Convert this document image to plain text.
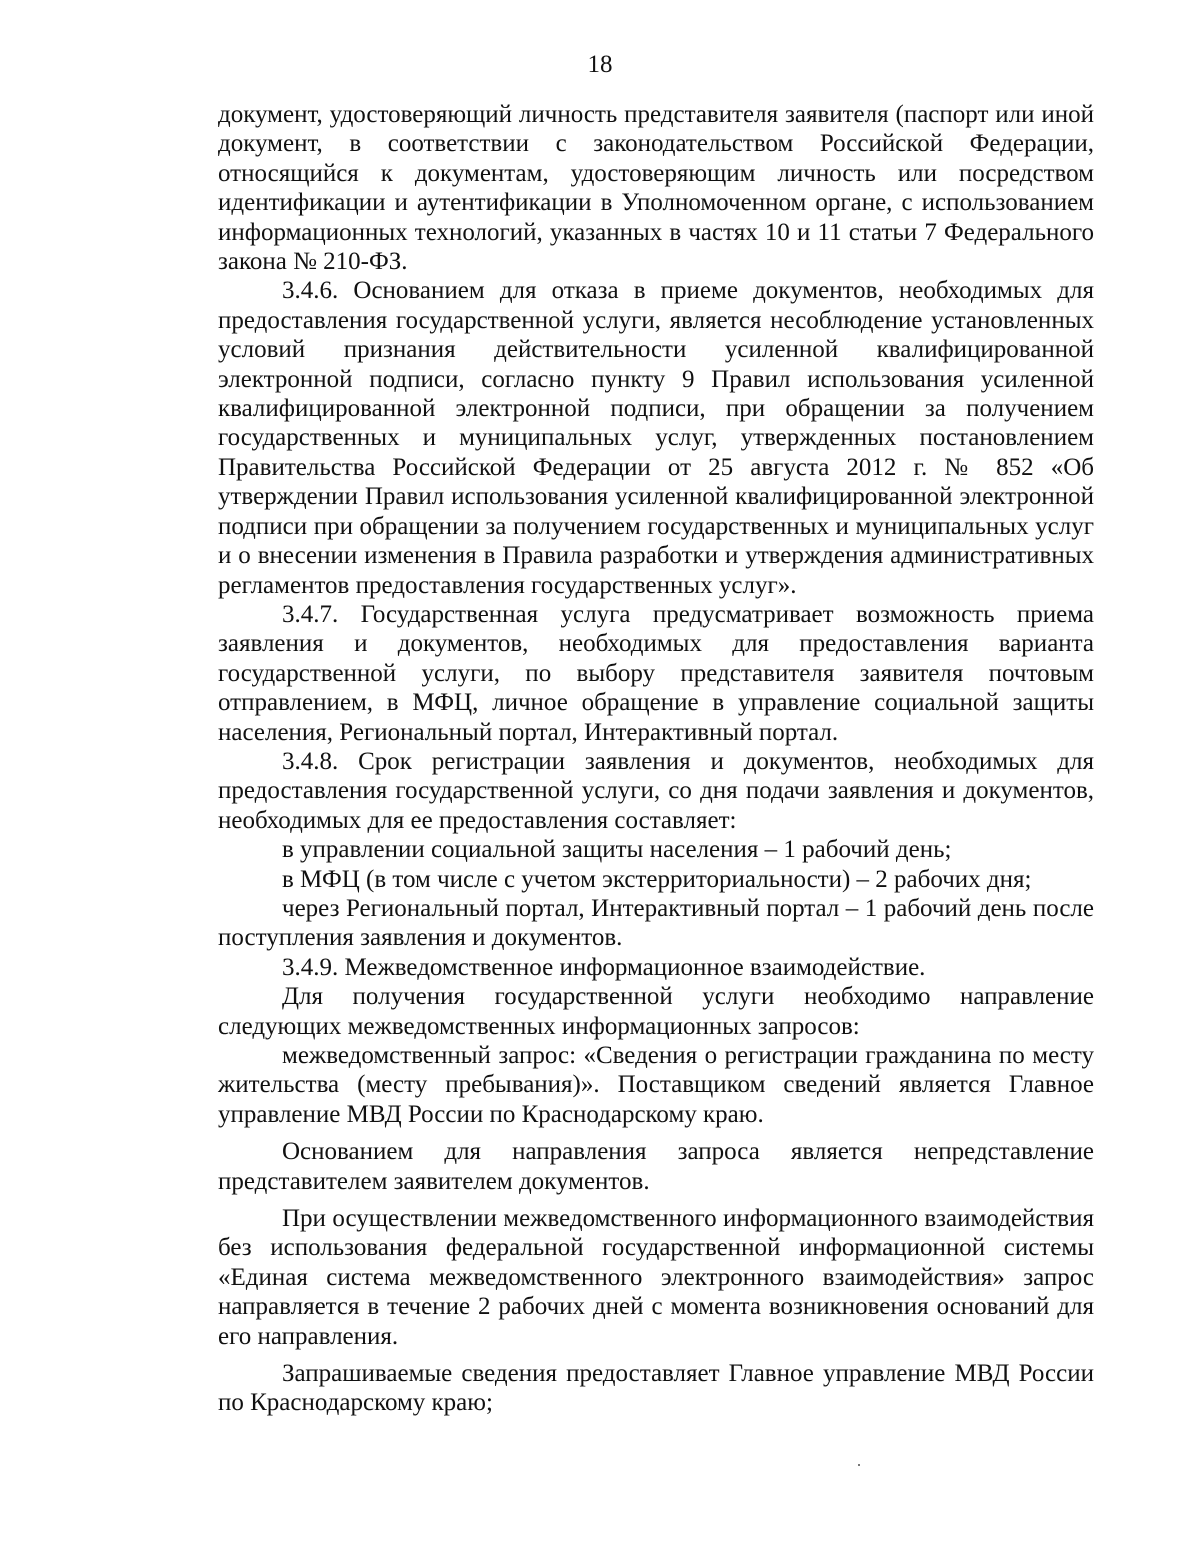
18

документ, удостоверяющий личность представителя заявителя (паспорт или иной документ, в соответствии с законодательством Российской Федерации, относящийся к документам, удостоверяющим личность или посредством идентификации и аутентификации в Уполномоченном органе, с использованием информационных технологий, указанных в частях 10 и 11 статьи 7 Федерального закона № 210-ФЗ.

3.4.6. Основанием для отказа в приеме документов, необходимых для предоставления государственной услуги, является несоблюдение установленных условий признания действительности усиленной квалифицированной электронной подписи, согласно пункту 9 Правил использования усиленной квалифицированной электронной подписи, при обращении за получением государственных и муниципальных услуг, утвержденных постановлением Правительства Российской Федерации от 25 августа 2012 г. № 852 «Об утверждении Правил использования усиленной квалифицированной электронной подписи при обращении за получением государственных и муниципальных услуг и о внесении изменения в Правила разработки и утверждения административных регламентов предоставления государственных услуг».

3.4.7. Государственная услуга предусматривает возможность приема заявления и документов, необходимых для предоставления варианта государственной услуги, по выбору представителя заявителя почтовым отправлением, в МФЦ, личное обращение в управление социальной защиты населения, Региональный портал, Интерактивный портал.

3.4.8. Срок регистрации заявления и документов, необходимых для предоставления государственной услуги, со дня подачи заявления и документов, необходимых для ее предоставления составляет:

в управлении социальной защиты населения – 1 рабочий день;

в МФЦ (в том числе с учетом экстерриториальности) – 2 рабочих дня;

через Региональный портал, Интерактивный портал – 1 рабочий день после поступления заявления и документов.

3.4.9. Межведомственное информационное взаимодействие.

Для получения государственной услуги необходимо направление следующих межведомственных информационных запросов:

межведомственный запрос: «Сведения о регистрации гражданина по месту жительства (месту пребывания)». Поставщиком сведений является Главное управление МВД России по Краснодарскому краю.

Основанием для направления запроса является непредставление представителем заявителем документов.

При осуществлении межведомственного информационного взаимодействия без использования федеральной государственной информационной системы «Единая система межведомственного электронного взаимодействия» запрос направляется в течение 2 рабочих дней с момента возникновения оснований для его направления.

Запрашиваемые сведения предоставляет Главное управление МВД России по Краснодарскому краю;
